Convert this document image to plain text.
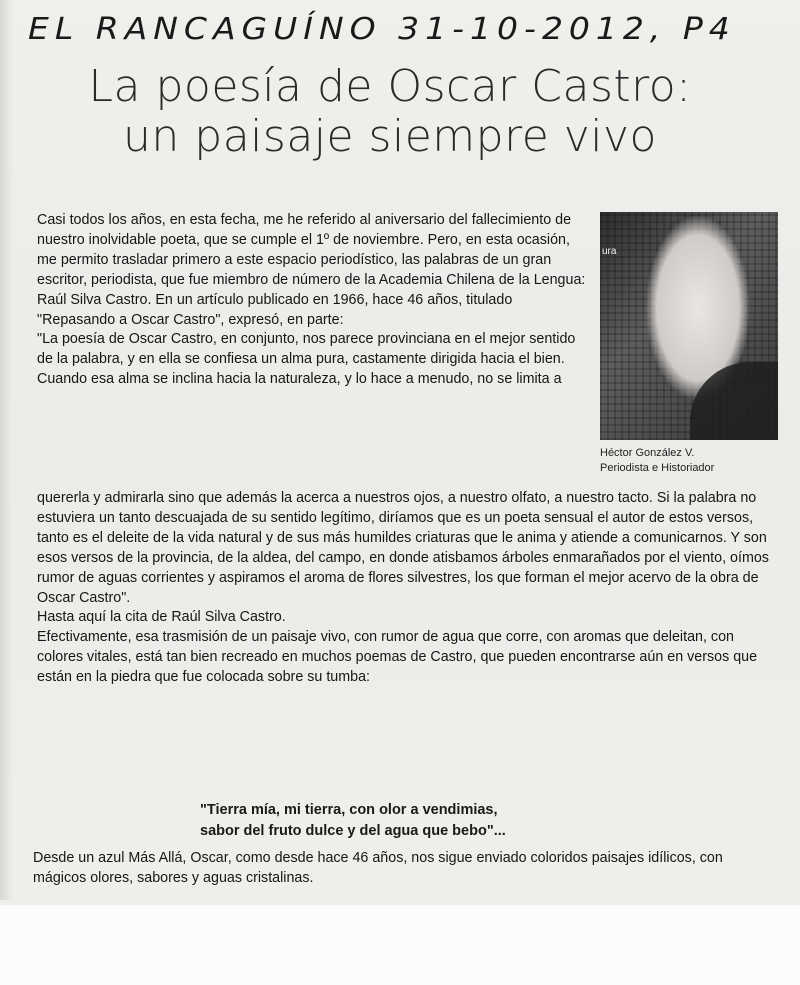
EL RANCAGUÍNO 31-10-2012, P4
La poesía de Oscar Castro:
un paisaje siempre vivo
ura
Héctor González V.
Periodista e Historiador

Casi todos los años, en esta fecha, me he referido al aniversario del fallecimiento de nuestro inolvidable poeta, que se cumple el 1º de noviembre. Pero, en esta ocasión, me permito trasladar primero a este espacio periodístico, las palabras de un gran escritor, periodista, que fue miembro de número de la Academia Chilena de la Lengua: Raúl Silva Castro. En un artículo publicado en 1966, hace 46 años, titulado "Repasando a Oscar Castro", expresó, en parte:

"La poesía de Oscar Castro, en conjunto, nos parece provinciana en el mejor sentido de la palabra, y en ella se confiesa un alma pura, castamente dirigida hacia el bien. Cuando esa alma se inclina hacia la naturaleza, y lo hace a menudo, no se limita a

quererla y admirarla sino que además la acerca a nuestros ojos, a nuestro olfato, a nuestro tacto. Si la palabra no estuviera un tanto descuajada de su sentido legítimo, diríamos que es un poeta sensual el autor de estos versos, tanto es el deleite de la vida natural y de sus más humildes criaturas que le anima y atiende a comunicarnos. Y son esos versos de la provincia, de la aldea, del campo, en donde atisbamos árboles enmarañados por el viento, oímos rumor de aguas corrientes y aspiramos el aroma de flores silvestres, los que forman el mejor acervo de la obra de Oscar Castro".

Hasta aquí la cita de Raúl Silva Castro.

Efectivamente, esa trasmisión de un paisaje vivo, con rumor de agua que corre, con aromas que deleitan, con colores vitales, está tan bien recreado en muchos poemas de Castro, que pueden encontrarse aún en versos que están en la piedra que fue colocada sobre su tumba:

"Tierra mía, mi tierra, con olor a vendimias,
sabor del fruto dulce y del agua que bebo"...

Desde un azul Más Allá, Oscar, como desde hace 46 años, nos sigue enviado coloridos paisajes idílicos, con mágicos olores, sabores y aguas cristalinas.
